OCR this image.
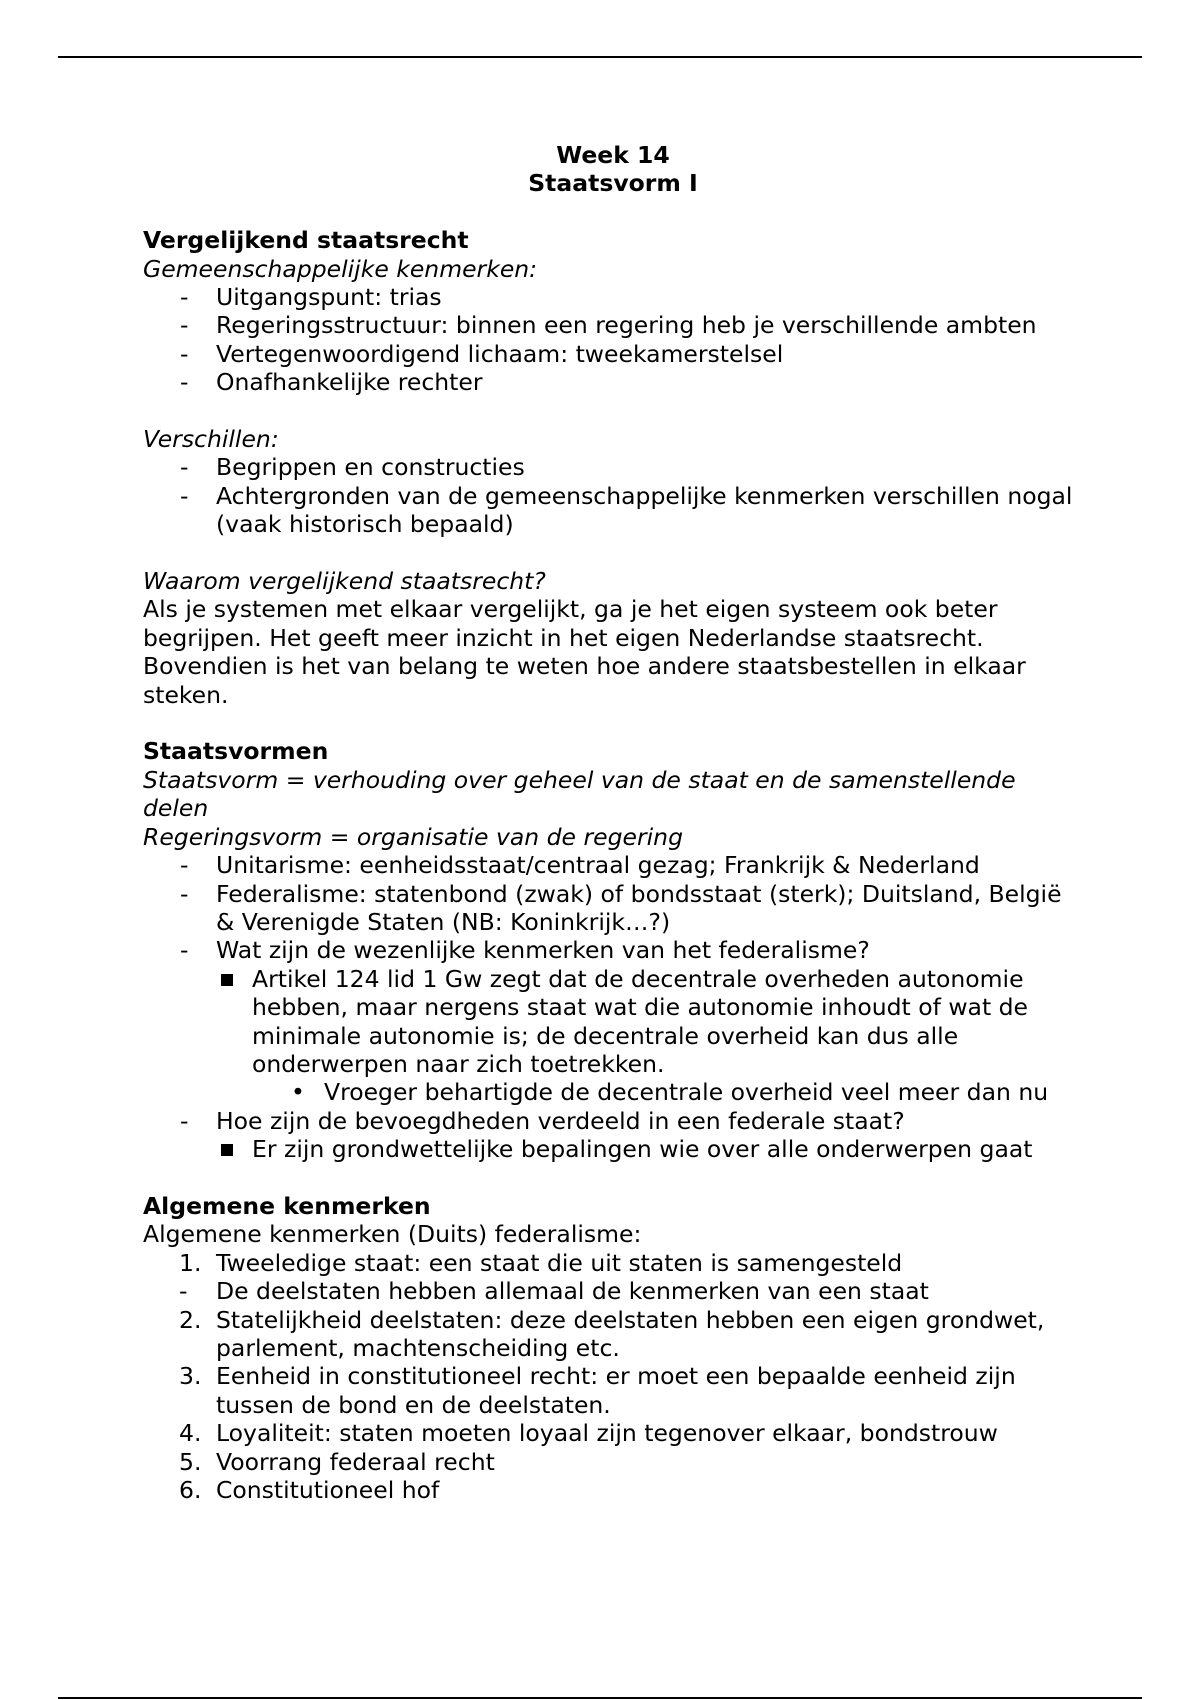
Week 14
Staatsvorm I
Vergelijkend staatsrecht
Gemeenschappelijke kenmerken:
- Uitgangspunt: trias
- Regeringsstructuur: binnen een regering heb je verschillende ambten
- Vertegenwoordigend lichaam: tweekamerstelsel
- Onafhankelijke rechter
Verschillen:
- Begrippen en constructies
- Achtergronden van de gemeenschappelijke kenmerken verschillen nogal (vaak historisch bepaald)
Waarom vergelijkend staatsrecht?
Als je systemen met elkaar vergelijkt, ga je het eigen systeem ook beter begrijpen. Het geeft meer inzicht in het eigen Nederlandse staatsrecht. Bovendien is het van belang te weten hoe andere staatsbestellen in elkaar steken.
Staatsvormen
Staatsvorm = verhouding over geheel van de staat en de samenstellende delen
Regeringsvorm = organisatie van de regering
- Unitarisme: eenheidsstaat/centraal gezag; Frankrijk & Nederland
- Federalisme: statenbond (zwak) of bondsstaat (sterk); Duitsland, België & Verenigde Staten (NB: Koninkrijk…?)
- Wat zijn de wezenlijke kenmerken van het federalisme?
Artikel 124 lid 1 Gw zegt dat de decentrale overheden autonomie hebben, maar nergens staat wat die autonomie inhoudt of wat de minimale autonomie is; de decentrale overheid kan dus alle onderwerpen naar zich toetrekken.
• Vroeger behartigde de decentrale overheid veel meer dan nu
- Hoe zijn de bevoegdheden verdeeld in een federale staat?
Er zijn grondwettelijke bepalingen wie over alle onderwerpen gaat
Algemene kenmerken
Algemene kenmerken (Duits) federalisme:
1. Tweeledige staat: een staat die uit staten is samengesteld
- De deelstaten hebben allemaal de kenmerken van een staat
2. Statelijkheid deelstaten: deze deelstaten hebben een eigen grondwet, parlement, machtenscheiding etc.
3. Eenheid in constitutioneel recht: er moet een bepaalde eenheid zijn tussen de bond en de deelstaten.
4. Loyaliteit: staten moeten loyaal zijn tegenover elkaar, bondstrouw
5. Voorrang federaal recht
6. Constitutioneel hof
